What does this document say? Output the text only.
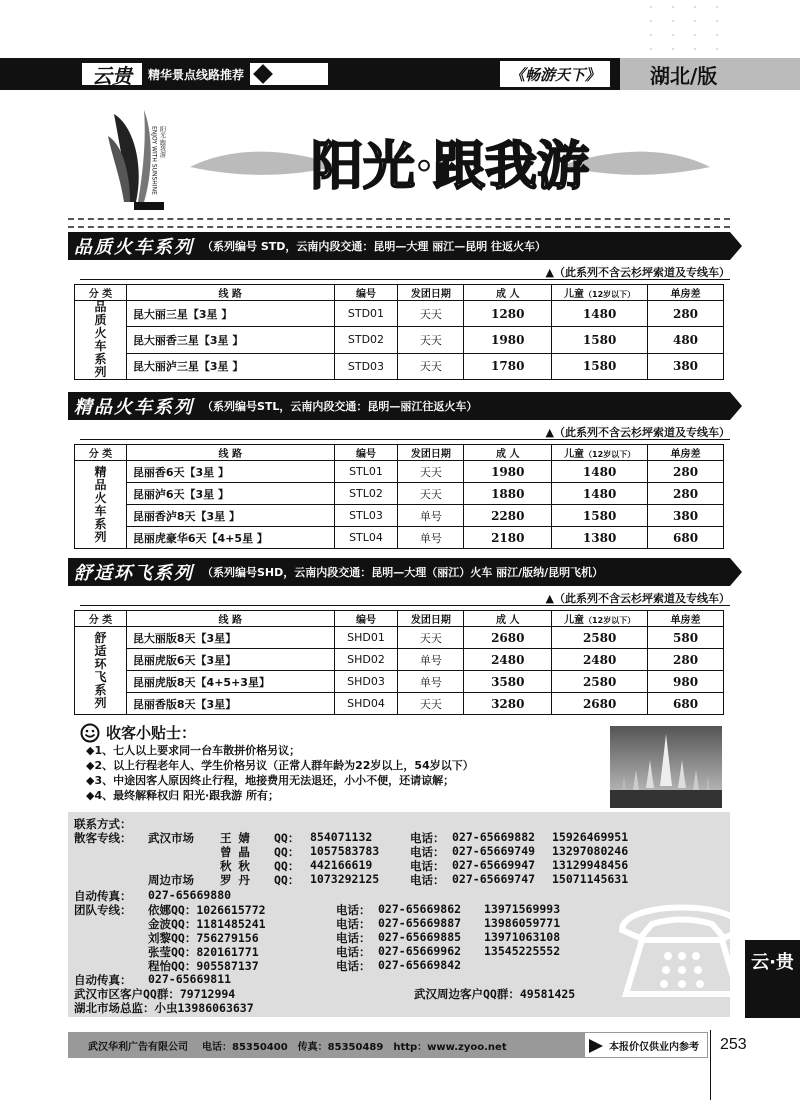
云贵	精华景点线路推荐	《畅游天下》	湖北/版
ENJOY WITH SUNSHINE 阳光·跟我游	阳光·跟我游
品质火车系列 （系列编号 STD，云南内段交通：昆明—大理 丽江—昆明 往返火车）
▲（此系列不含云杉坪索道及专线车）
分 类	线 路	编号	发团日期	成 人	儿童（12岁以下）	单房差
品质火车系列	昆大丽三星【3星 】	STD01	天天	1280	1480	280
	昆大丽香三星【3星 】	STD02	天天	1980	1580	480
	昆大丽泸三星【3星 】	STD03	天天	1780	1580	380
精品火车系列 （系列编号STL，云南内段交通：昆明—丽江往返火车）
▲（此系列不含云杉坪索道及专线车）
分 类	线 路	编号	发团日期	成 人	儿童（12岁以下）	单房差
精品火车系列	昆丽香6天【3星 】	STL01	天天	1980	1480	280
	昆丽泸6天【3星 】	STL02	天天	1880	1480	280
	昆丽香泸8天【3星 】	STL03	单号	2280	1580	380
	昆丽虎豪华6天【4+5星 】	STL04	单号	2180	1380	680
舒适环飞系列 （系列编号SHD，云南内段交通：昆明—大理（丽江）火车 丽江/版纳/昆明飞机）
▲（此系列不含云杉坪索道及专线车）
分 类	线 路	编号	发团日期	成 人	儿童（12岁以下）	单房差
舒适环飞系列	昆大丽版8天【3星】	SHD01	天天	2680	2580	580
	昆丽虎版6天【3星】	SHD02	单号	2480	2480	280
	昆丽虎版8天【4+5+3星】	SHD03	单号	3580	2580	980
	昆丽香版8天【3星】	SHD04	天天	3280	2680	680
收客小贴士：
◆1、七人以上要求同一台车散拼价格另议；
◆2、以上行程老年人、学生价格另议（正常人群年龄为22岁以上，54岁以下）
◆3、中途因客人原因终止行程，地接费用无法退还，小小不便，还请谅解；
◆4、最终解释权归 阳光·跟我游 所有；
联系方式：
散客专线： 武汉市场 王 婧 QQ： 854071132	电话： 027-65669882 15926469951
曾 晶 QQ： 1057583783	电话： 027-65669749 13297080246
秋 秋 QQ： 442166619	电话： 027-65669947 13129948456
周边市场 罗 丹 QQ： 1073292125	电话： 027-65669747 15071145631
自动传真： 027-65669880
团队专线： 依娜QQ：1026615772	电话： 027-65669862 13971569993
金波QQ：1181485241	电话： 027-65669887 13986059771
刘黎QQ：756279156	电话： 027-65669885 13971063108
张莹QQ：820161771	电话： 027-65669962 13545225552
程怡QQ：905587137	电话： 027-65669842
自动传真： 027-65669811
武汉市区客户QQ群：79712994	武汉周边客户QQ群：49581425
湖北市场总监：小虫13986063637
云·贵
武汉华利广告有限公司 电话：85350400 传真：85350489 http：www.zyoo.net	本报价仅供业内参考	253
